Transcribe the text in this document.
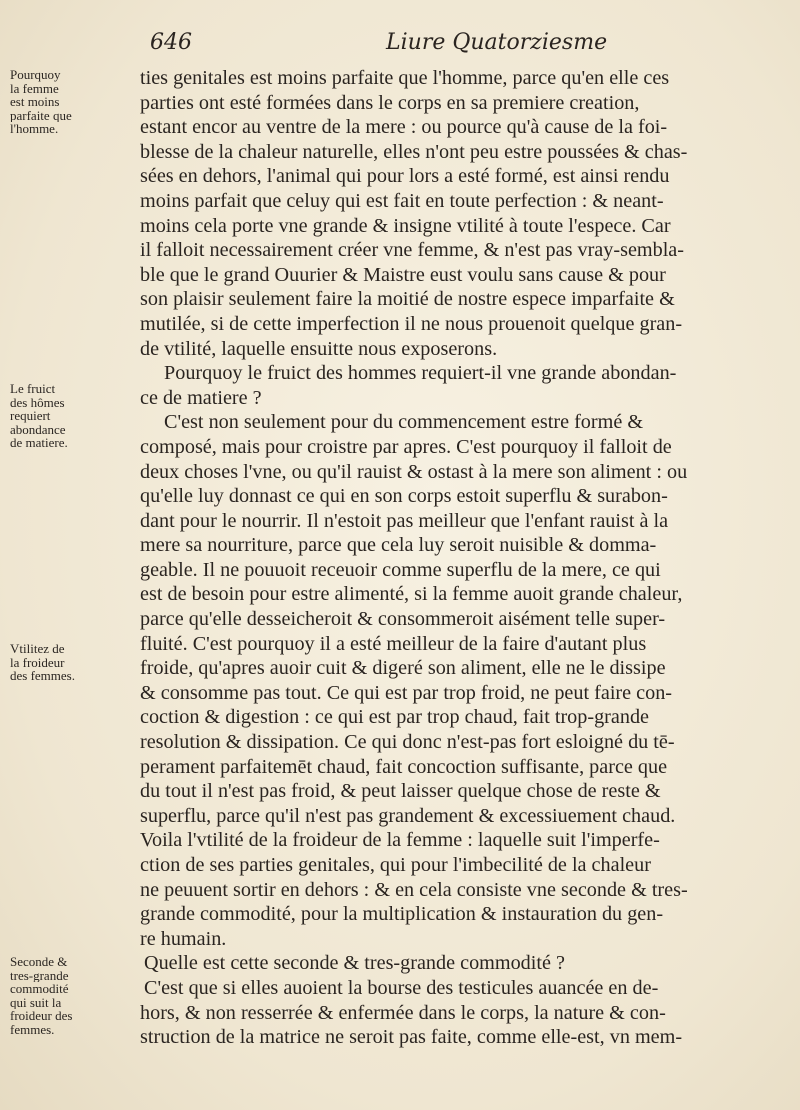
646	Liure Quatorziesme
Pourquoy
la femme
est moins
parfaite que
l'homme.
Le fruict
des hômes
requiert
abondance
de matiere.
Vtilitez de
la froideur
des femmes.
Seconde &
tres-grande
commodité
qui suit la
froideur des
femmes.
ties genitales est moins parfaite que l'homme, parce qu'en elle ces
parties ont esté formées dans le corps en sa premiere creation,
estant encor au ventre de la mere : ou pource qu'à cause de la foi-
blesse de la chaleur naturelle, elles n'ont peu estre poussées & chas-
sées en dehors, l'animal qui pour lors a esté formé, est ainsi rendu
moins parfait que celuy qui est fait en toute perfection : & neant-
moins cela porte vne grande & insigne vtilité à toute l'espece. Car
il falloit necessairement créer vne femme, & n'est pas vray-sembla-
ble que le grand Ouurier & Maistre eust voulu sans cause & pour
son plaisir seulement faire la moitié de nostre espece imparfaite &
mutilée, si de cette imperfection il ne nous prouenoit quelque gran-
de vtilité, laquelle ensuitte nous exposerons.
Pourquoy le fruict des hommes requiert-il vne grande abondan-
ce de matiere ?
C'est non seulement pour du commencement estre formé &
composé, mais pour croistre par apres. C'est pourquoy il falloit de
deux choses l'vne, ou qu'il rauist & ostast à la mere son aliment : ou
qu'elle luy donnast ce qui en son corps estoit superflu & surabon-
dant pour le nourrir. Il n'estoit pas meilleur que l'enfant rauist à la
mere sa nourriture, parce que cela luy seroit nuisible & domma-
geable. Il ne pouuoit receuoir comme superflu de la mere, ce qui
est de besoin pour estre alimenté, si la femme auoit grande chaleur,
parce qu'elle desseicheroit & consommeroit aisément telle super-
fluité. C'est pourquoy il a esté meilleur de la faire d'autant plus
froide, qu'apres auoir cuit & digeré son aliment, elle ne le dissipe
& consomme pas tout. Ce qui est par trop froid, ne peut faire con-
coction & digestion : ce qui est par trop chaud, fait trop-grande
resolution & dissipation. Ce qui donc n'est-pas fort esloigné du tē-
perament parfaitemēt chaud, fait concoction suffisante, parce que
du tout il n'est pas froid, & peut laisser quelque chose de reste &
superflu, parce qu'il n'est pas grandement & excessiuement chaud.
Voila l'vtilité de la froideur de la femme : laquelle suit l'imperfe-
ction de ses parties genitales, qui pour l'imbecilité de la chaleur
ne peuuent sortir en dehors : & en cela consiste vne seconde & tres-
grande commodité, pour la multiplication & instauration du gen-
re humain.
Quelle est cette seconde & tres-grande commodité ?
C'est que si elles auoient la bourse des testicules auancée en de-
hors, & non resserrée & enfermée dans le corps, la nature & con-
struction de la matrice ne seroit pas faite, comme elle-est, vn mem-
